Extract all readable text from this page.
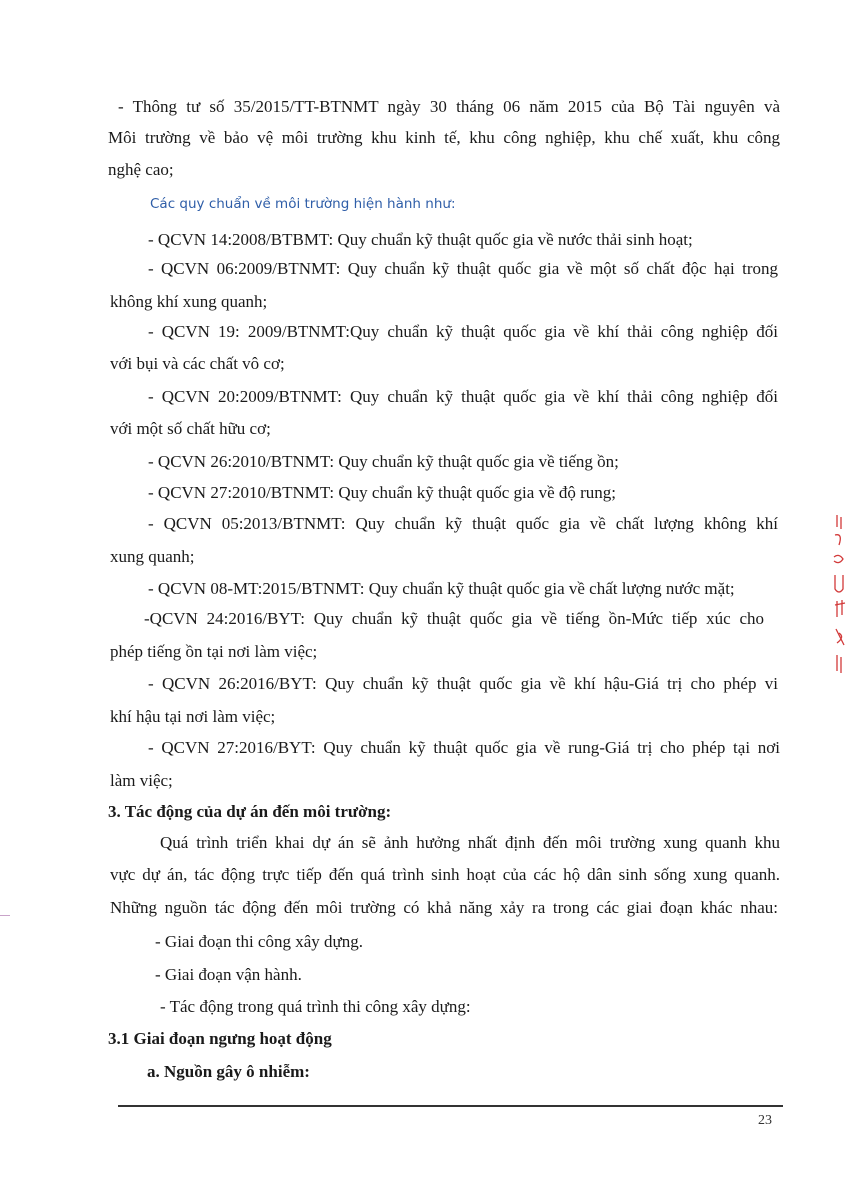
- Thông tư số 35/2015/TT-BTNMT ngày 30 tháng 06 năm 2015 của Bộ Tài nguyên và
Môi trường về bảo vệ môi trường khu kinh tế, khu công nghiệp, khu chế xuất, khu công
nghệ cao;
Các quy chuẩn về môi trường hiện hành như:
- QCVN 14:2008/BTBMT: Quy chuẩn kỹ thuật quốc gia về nước thải sinh hoạt;
- QCVN 06:2009/BTNMT: Quy chuẩn kỹ thuật quốc gia về một số chất độc hại trong
không khí xung quanh;
- QCVN 19: 2009/BTNMT:Quy chuẩn kỹ thuật quốc gia về khí thải công nghiệp đối
với bụi và các chất vô cơ;
- QCVN 20:2009/BTNMT: Quy chuẩn kỹ thuật quốc gia về khí thải công nghiệp đối
với một số chất hữu cơ;
- QCVN 26:2010/BTNMT: Quy chuẩn kỹ thuật quốc gia về tiếng ồn;
- QCVN 27:2010/BTNMT: Quy chuẩn kỹ thuật quốc gia về độ rung;
- QCVN 05:2013/BTNMT: Quy chuẩn kỹ thuật quốc gia về chất lượng không khí
xung quanh;
- QCVN 08-MT:2015/BTNMT: Quy chuẩn kỹ thuật quốc gia về chất lượng nước mặt;
-QCVN 24:2016/BYT: Quy chuẩn kỹ thuật quốc gia về tiếng ồn-Mức tiếp xúc cho
phép tiếng ồn tại nơi làm việc;
- QCVN 26:2016/BYT: Quy chuẩn kỹ thuật quốc gia về khí hậu-Giá trị cho phép vi
khí hậu tại nơi làm việc;
- QCVN 27:2016/BYT: Quy chuẩn kỹ thuật quốc gia về rung-Giá trị cho phép tại nơi
làm việc;
3. Tác động của dự án đến môi trường:
Quá trình triển khai dự án sẽ ảnh hưởng nhất định đến môi trường xung quanh khu
vực dự án, tác động trực tiếp đến quá trình sinh hoạt của các hộ dân sinh sống xung quanh.
Những nguồn tác động đến môi trường có khả năng xảy ra trong các giai đoạn khác nhau:
- Giai đoạn thi công xây dựng.
- Giai đoạn vận hành.
- Tác động trong quá trình thi công xây dựng:
3.1 Giai đoạn ngưng hoạt động
a. Nguồn gây ô nhiễm:
23
